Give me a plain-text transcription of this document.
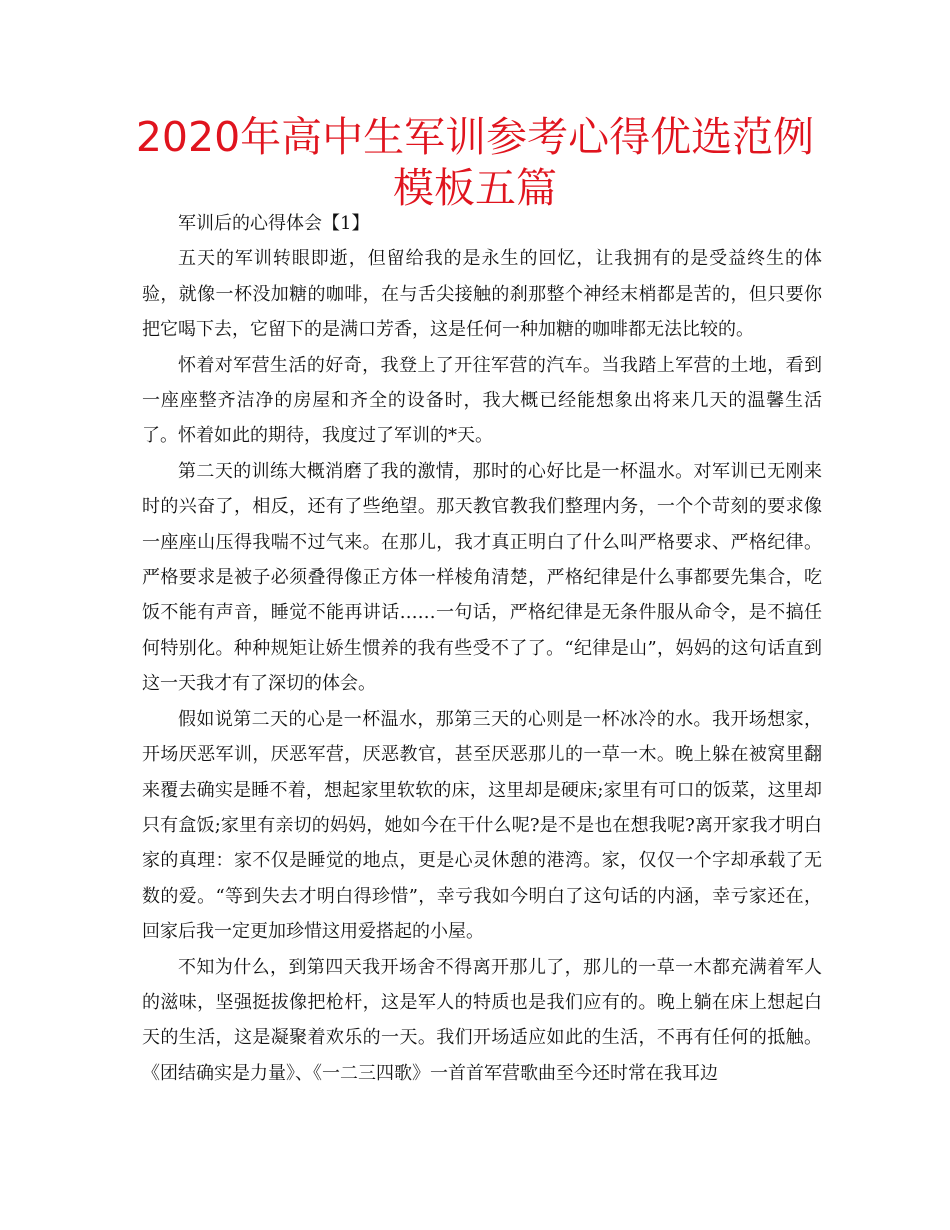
2020年高中生军训参考心得优选范例模板五篇

军训后的心得体会【1】

五天的军训转眼即逝，但留给我的是永生的回忆，让我拥有的是受益终生的体验，就像一杯没加糖的咖啡，在与舌尖接触的刹那整个神经末梢都是苦的，但只要你把它喝下去，它留下的是满口芳香，这是任何一种加糖的咖啡都无法比较的。

怀着对军营生活的好奇，我登上了开往军营的汽车。当我踏上军营的土地，看到一座座整齐洁净的房屋和齐全的设备时，我大概已经能想象出将来几天的温馨生活了。怀着如此的期待，我度过了军训的*天。

第二天的训练大概消磨了我的激情，那时的心好比是一杯温水。对军训已无刚来时的兴奋了，相反，还有了些绝望。那天教官教我们整理内务，一个个苛刻的要求像一座座山压得我喘不过气来。在那儿，我才真正明白了什么叫严格要求、严格纪律。严格要求是被子必须叠得像正方体一样棱角清楚，严格纪律是什么事都要先集合，吃饭不能有声音，睡觉不能再讲话……一句话，严格纪律是无条件服从命令，是不搞任何特别化。种种规矩让娇生惯养的我有些受不了了。“纪律是山”，妈妈的这句话直到这一天我才有了深切的体会。

假如说第二天的心是一杯温水，那第三天的心则是一杯冰冷的水。我开场想家，开场厌恶军训，厌恶军营，厌恶教官，甚至厌恶那儿的一草一木。晚上躲在被窝里翻来覆去确实是睡不着，想起家里软软的床，这里却是硬床;家里有可口的饭菜，这里却只有盒饭;家里有亲切的妈妈，她如今在干什么呢?是不是也在想我呢?离开家我才明白家的真理：家不仅是睡觉的地点，更是心灵休憩的港湾。家，仅仅一个字却承载了无数的爱。“等到失去才明白得珍惜”，幸亏我如今明白了这句话的内涵，幸亏家还在，回家后我一定更加珍惜这用爱搭起的小屋。

不知为什么，到第四天我开场舍不得离开那儿了，那儿的一草一木都充满着军人的滋味，坚强挺拔像把枪杆，这是军人的特质也是我们应有的。晚上躺在床上想起白天的生活，这是凝聚着欢乐的一天。我们开场适应如此的生活，不再有任何的抵触。《团结确实是力量》、《一二三四歌》一首首军营歌曲至今还时常在我耳边
